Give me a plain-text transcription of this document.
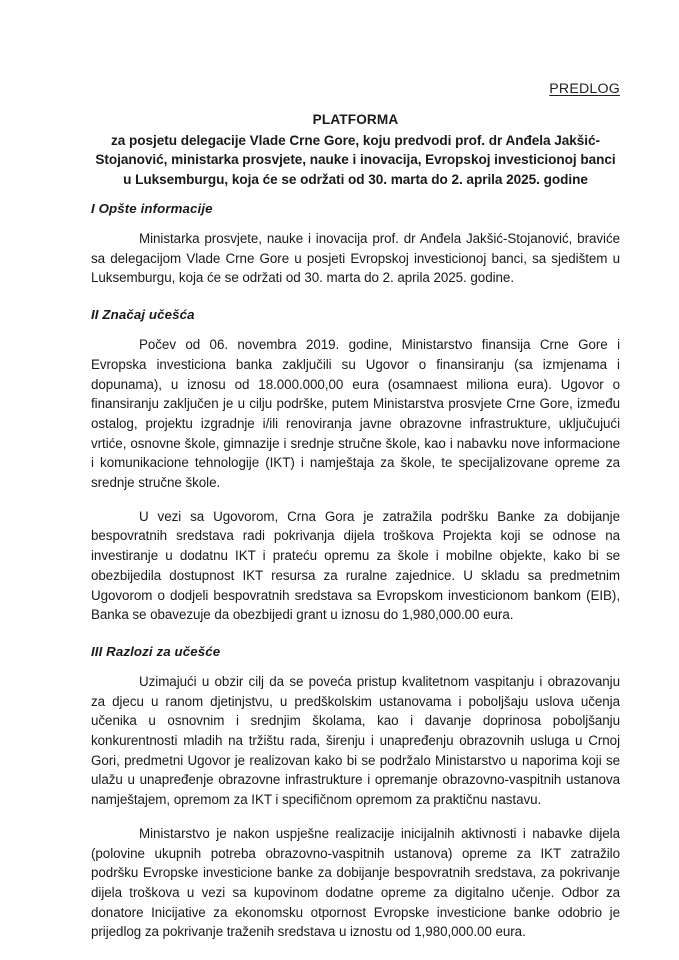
PREDLOG
PLATFORMA
za posjetu delegacije Vlade Crne Gore, koju predvodi prof. dr Anđela Jakšić-Stojanović, ministarka prosvjete, nauke i inovacija, Evropskoj investicionoj banci u Luksemburgu, koja će se održati od 30. marta do 2. aprila 2025. godine
I Opšte informacije

Ministarka prosvjete, nauke i inovacija prof. dr Anđela Jakšić-Stojanović, braviće sa delegacijom Vlade Crne Gore u posjeti Evropskoj investicionoj banci, sa sjedištem u Luksemburgu, koja će se održati od 30. marta do 2. aprila 2025. godine.

II Značaj učešća

Počev od 06. novembra 2019. godine, Ministarstvo finansija Crne Gore i Evropska investiciona banka zaključili su Ugovor o finansiranju (sa izmjenama i dopunama), u iznosu od 18.000.000,00 eura (osamnaest miliona eura). Ugovor o finansiranju zaključen je u cilju podrške, putem Ministarstva prosvjete Crne Gore, između ostalog, projektu izgradnje i/ili renoviranja javne obrazovne infrastrukture, uključujući vrtiće, osnovne škole, gimnazije i srednje stručne škole, kao i nabavku nove informacione i komunikacione tehnologije (IKT) i namještaja za škole, te specijalizovane opreme za srednje stručne škole.

U vezi sa Ugovorom, Crna Gora je zatražila podršku Banke za dobijanje bespovratnih sredstava radi pokrivanja dijela troškova Projekta koji se odnose na investiranje u dodatnu IKT i prateću opremu za škole i mobilne objekte, kako bi se obezbijedila dostupnost IKT resursa za ruralne zajednice. U skladu sa predmetnim Ugovorom o dodjeli bespovratnih sredstava sa Evropskom investicionom bankom (EIB), Banka se obavezuje da obezbijedi grant u iznosu do 1,980,000.00 eura.

III Razlozi za učešće

Uzimajući u obzir cilj da se poveća pristup kvalitetnom vaspitanju i obrazovanju za djecu u ranom djetinjstvu, u predškolskim ustanovama i poboljšaju uslova učenja učenika u osnovnim i srednjim školama, kao i davanje doprinosa poboljšanju konkurentnosti mladih na tržištu rada, širenju i unapređenju obrazovnih usluga u Crnoj Gori, predmetni Ugovor je realizovan kako bi se podržalo Ministarstvo u naporima koji se ulažu u unapređenje obrazovne infrastrukture i opremanje obrazovno-vaspitnih ustanova namještajem, opremom za IKT i specifičnom opremom za praktičnu nastavu.

Ministarstvo je nakon uspješne realizacije inicijalnih aktivnosti i nabavke dijela (polovine ukupnih potreba obrazovno-vaspitnih ustanova) opreme za IKT zatražilo podršku Evropske investicione banke za dobijanje bespovratnih sredstava, za pokrivanje dijela troškova u vezi sa kupovinom dodatne opreme za digitalno učenje. Odbor za donatore Inicijative za ekonomsku otpornost Evropske investicione banke odobrio je prijedlog za pokrivanje traženih sredstava u iznostu od 1,980,000.00 eura.
